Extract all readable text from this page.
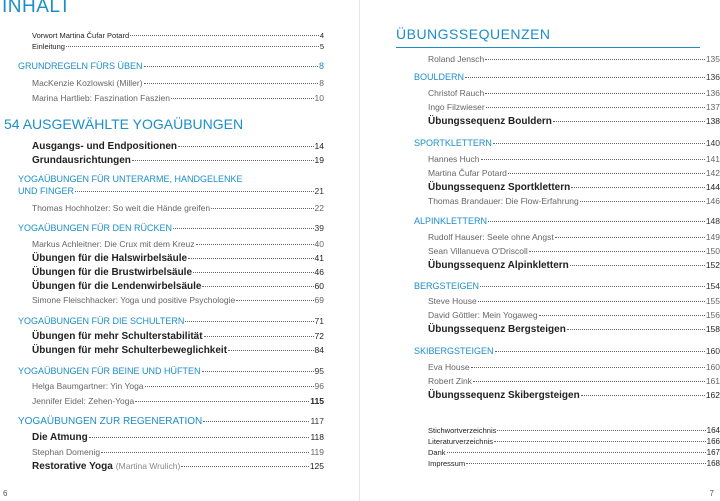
INHALT
Vorwort Martina Čufar Potard	4
Einleitung	5
GRUNDREGELN FÜRS ÜBEN	8
MacKenzie Kozlowski (Miller)	8
Marina Hartlieb: Faszination Faszien	10
54 AUSGEWÄHLTE YOGAÜBUNGEN
Ausgangs- und Endpositionen	14
Grundausrichtungen	19
YOGAÜBUNGEN FÜR UNTERARME, HANDGELENKE
UND FINGER	21
Thomas Hochholzer: So weit die Hände greifen	22
YOGAÜBUNGEN FÜR DEN RÜCKEN	39
Markus Achleitner: Die Crux mit dem Kreuz	40
Übungen für die Halswirbelsäule	41
Übungen für die Brustwirbelsäule	46
Übungen für die Lendenwirbelsäule	60
Simone Fleischhacker: Yoga und positive Psychologie	69
YOGAÜBUNGEN FÜR DIE SCHULTERN	71
Übungen für mehr Schulterstabilität	72
Übungen für mehr Schulterbeweglichkeit	84
YOGAÜBUNGEN FÜR BEINE UND HÜFTEN	95
Helga Baumgartner: Yin Yoga	96
Jennifer Eidel: Zehen-Yoga	115
YOGAÜBUNGEN ZUR REGENERATION	117
Die Atmung	118
Stephan Domenig	119
Restorative Yoga (Martina Wrulich)	125
6
ÜBUNGSSEQUENZEN
Roland Jensch	135
BOULDERN	136
Christof Rauch	136
Ingo Filzwieser	137
Übungssequenz Bouldern	138
SPORTKLETTERN	140
Hannes Huch	141
Martina Čufar Potard	142
Übungssequenz Sportklettern	144
Thomas Brandauer: Die Flow-Erfahrung	146
ALPINKLETTERN	148
Rudolf Hauser: Seele ohne Angst	149
Sean Villanueva O'Driscoll	150
Übungssequenz Alpinklettern	152
BERGSTEIGEN	154
Steve House	155
David Göttler: Mein Yogaweg	156
Übungssequenz Bergsteigen	158
SKIBERGSTEIGEN	160
Eva House	160
Robert Zink	161
Übungssequenz Skibergsteigen	162
Stichwortverzeichnis	164
Literaturverzeichnis	166
Dank	167
Impressum	168
7
